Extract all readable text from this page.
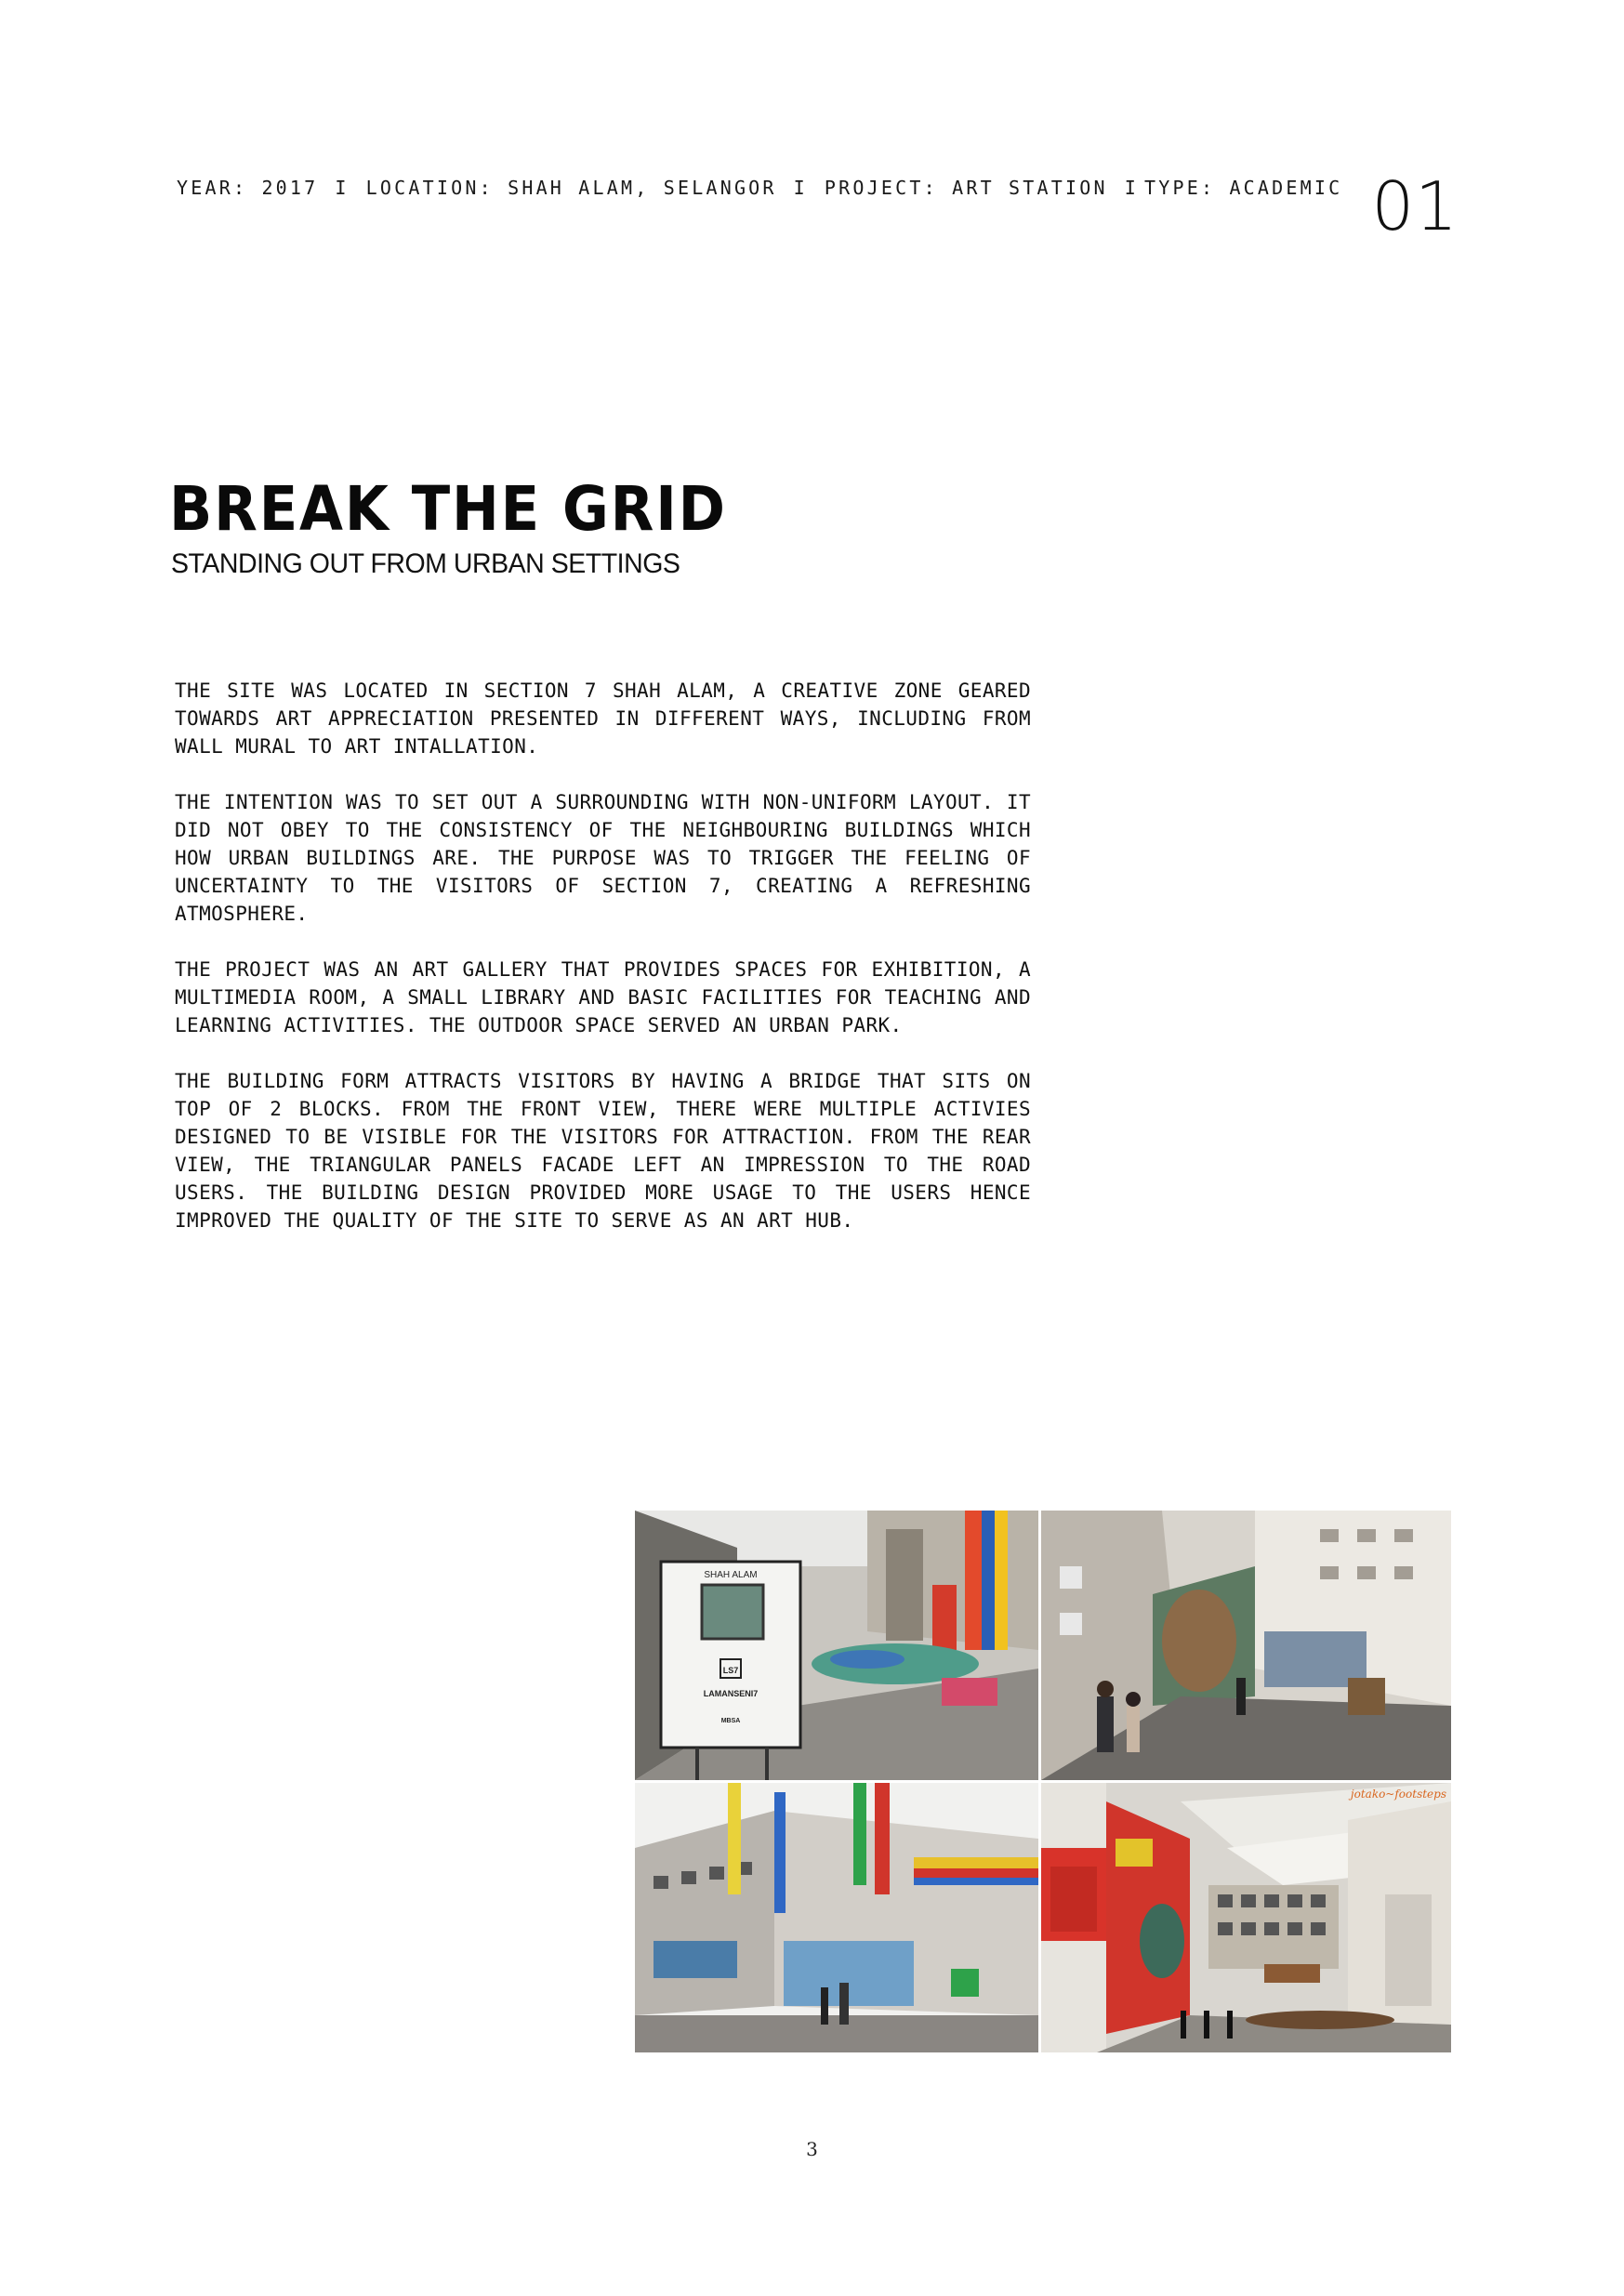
YEAR: 2017 I LOCATION: SHAH ALAM, SELANGOR I PROJECT: ART STATION I TYPE: ACADEMIC 01
BREAK THE GRID
STANDING OUT FROM URBAN SETTINGS

THE SITE WAS LOCATED IN SECTION 7 SHAH ALAM, A CREATIVE ZONE GEARED TOWARDS ART APPRECIATION PRESENTED IN DIFFERENT WAYS, INCLUDING FROM WALL MURAL TO ART INTALLATION.

THE INTENTION WAS TO SET OUT A SURROUNDING WITH NON-UNIFORM LAYOUT. IT DID NOT OBEY TO THE CONSISTENCY OF THE NEIGHBOURING BUILDINGS WHICH HOW URBAN BUILDINGS ARE. THE PURPOSE WAS TO TRIGGER THE FEELING OF UNCERTAINTY TO THE VISITORS OF SECTION 7, CREATING A REFRESHING ATMOSPHERE.

THE PROJECT WAS AN ART GALLERY THAT PROVIDES SPACES FOR EXHIBITION, A MULTIMEDIA ROOM, A SMALL LIBRARY AND BASIC FACILITIES FOR TEACHING AND LEARNING ACTIVITIES. THE OUTDOOR SPACE SERVED AN URBAN PARK.

THE BUILDING FORM ATTRACTS VISITORS BY HAVING A BRIDGE THAT SITS ON TOP OF 2 BLOCKS. FROM THE FRONT VIEW, THERE WERE MULTIPLE ACTIVIES DESIGNED TO BE VISIBLE FOR THE VISITORS FOR ATTRACTION. FROM THE REAR VIEW, THE TRIANGULAR PANELS FACADE LEFT AN IMPRESSION TO THE ROAD USERS. THE BUILDING DESIGN PROVIDED MORE USAGE TO THE USERS HENCE IMPROVED THE QUALITY OF THE SITE TO SERVE AS AN ART HUB.

SHAH ALAM
LS7
LAMANSENI7
MBSA
jotako~footsteps
3
